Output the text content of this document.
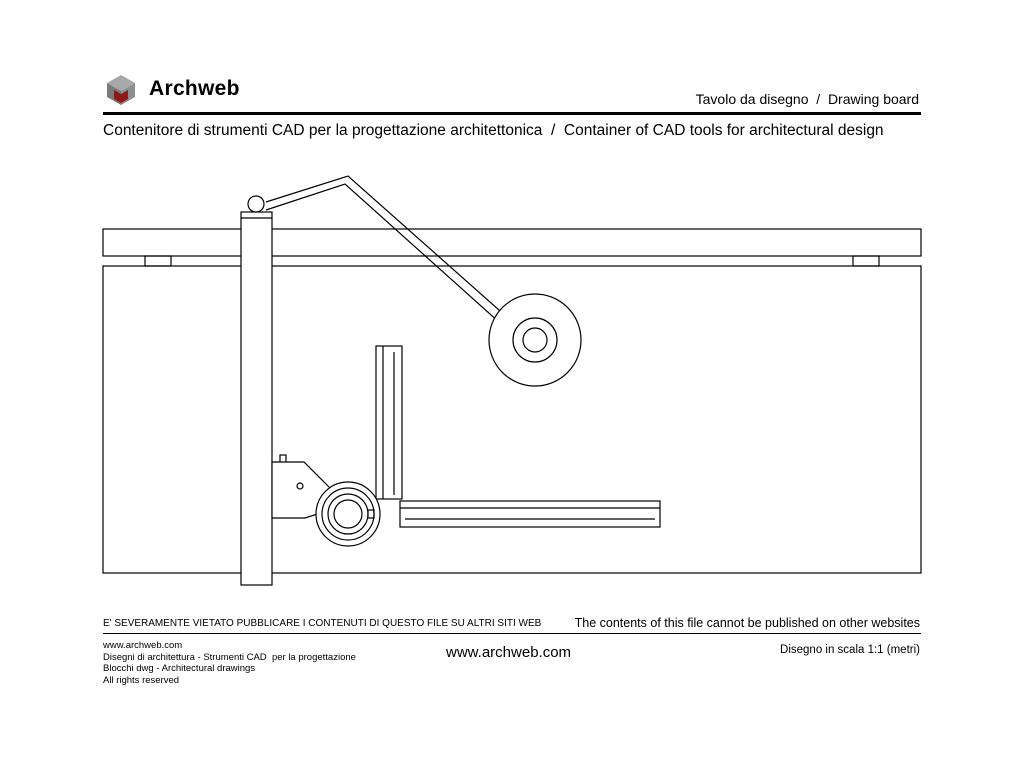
Archweb	Tavolo da disegno  /  Drawing board
Contenitore di strumenti CAD per la progettazione architettonica  /  Container of CAD tools for architectural design
E' SEVERAMENTE VIETATO PUBBLICARE I CONTENUTI DI QUESTO FILE SU ALTRI SITI WEB	The contents of this file cannot be published on other websites
www.archweb.com
Disegni di architettura - Strumenti CAD  per la progettazione
Blocchi dwg - Architectural drawings
All rights reserved
www.archweb.com	Disegno in scala 1:1 (metri)
